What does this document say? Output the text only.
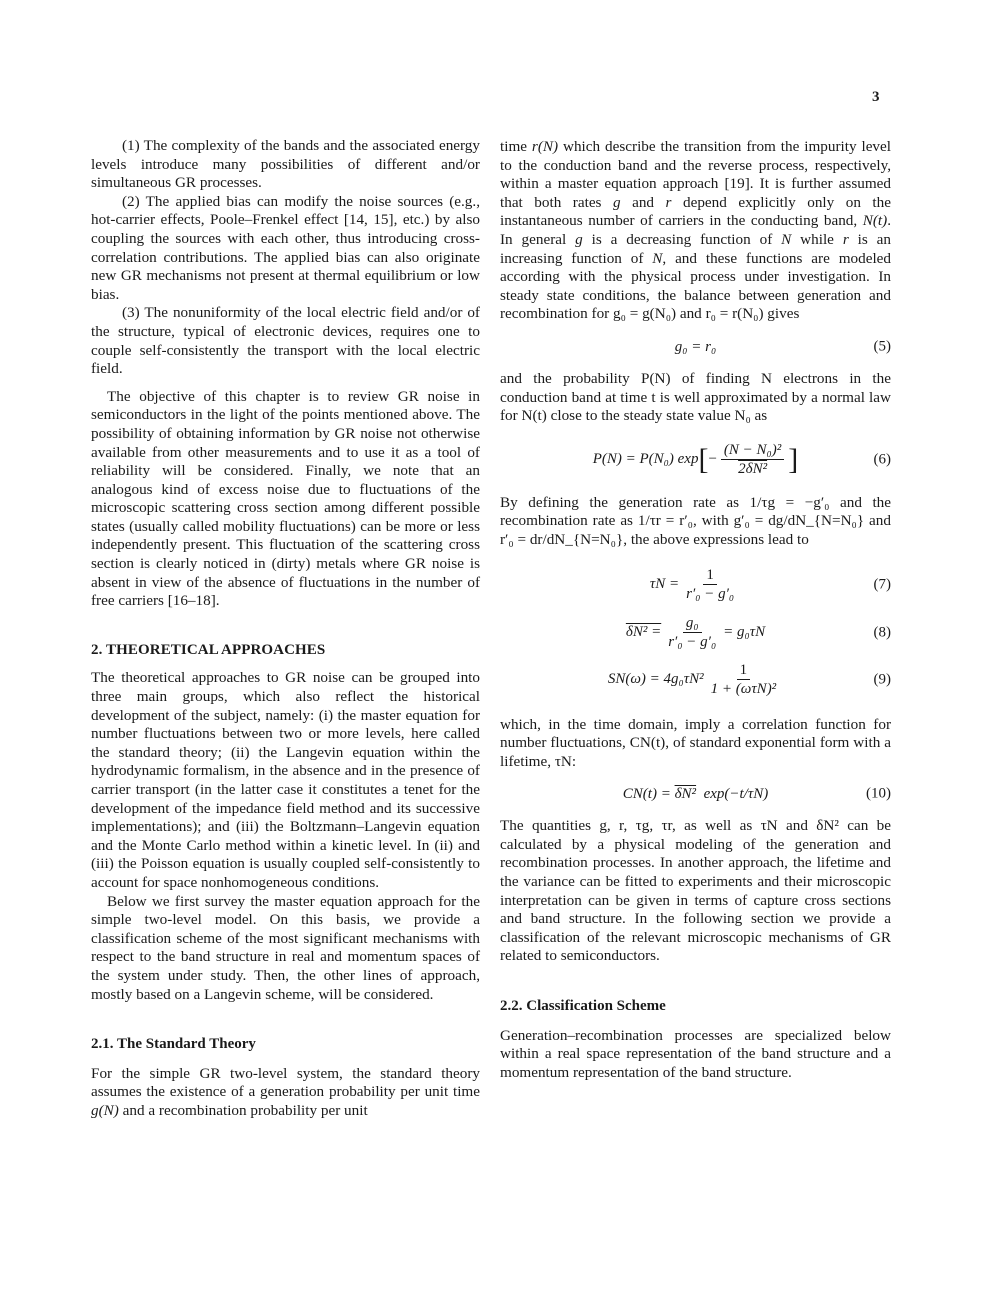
3

(1) The complexity of the bands and the associated energy levels introduce many possibilities of different and/or simultaneous GR processes.

(2) The applied bias can modify the noise sources (e.g., hot-carrier effects, Poole–Frenkel effect [14, 15], etc.) by also coupling the sources with each other, thus introducing cross-correlation contributions. The applied bias can also originate new GR mechanisms not present at thermal equilibrium or low bias.

(3) The nonuniformity of the local electric field and/or of the structure, typical of electronic devices, requires one to couple self-consistently the transport with the local electric field.

The objective of this chapter is to review GR noise in semiconductors in the light of the points mentioned above. The possibility of obtaining information by GR noise not otherwise available from other measurements and to use it as a tool of reliability will be considered. Finally, we note that an analogous kind of excess noise due to fluctuations of the microscopic scattering cross section among different possible states (usually called mobility fluctuations) can be more or less independently present. This fluctuation of the scattering cross section is clearly noticed in (dirty) metals where GR noise is absent in view of the absence of fluctuations in the number of free carriers [16–18].

2. THEORETICAL APPROACHES

The theoretical approaches to GR noise can be grouped into three main groups, which also reflect the historical development of the subject, namely: (i) the master equation for number fluctuations between two or more levels, here called the standard theory; (ii) the Langevin equation within the hydrodynamic formalism, in the absence and in the presence of carrier transport (in the latter case it constitutes a tenet for the development of the impedance field method and its successive implementations); and (iii) the Boltzmann–Langevin equation and the Monte Carlo method within a kinetic level. In (ii) and (iii) the Poisson equation is usually coupled self-consistently to account for space nonhomogeneous conditions.

Below we first survey the master equation approach for the simple two-level model. On this basis, we provide a classification scheme of the most significant mechanisms with respect to the band structure in real and momentum spaces of the system under study. Then, the other lines of approach, mostly based on a Langevin scheme, will be considered.

2.1. The Standard Theory

For the simple GR two-level system, the standard theory assumes the existence of a generation probability per unit time g(N) and a recombination probability per unit

time r(N) which describe the transition from the impurity level to the conduction band and the reverse process, respectively, within a master equation approach [19]. It is further assumed that both rates g and r depend explicitly only on the instantaneous number of carriers in the conducting band, N(t). In general g is a decreasing function of N while r is an increasing function of N, and these functions are modeled according with the physical process under investigation. In steady state conditions, the balance between generation and recombination for g₀ = g(N₀) and r₀ = r(N₀) gives

g₀ = r₀	(5)

and the probability P(N) of finding N electrons in the conduction band at time t is well approximated by a normal law for N(t) close to the steady state value N₀ as

P(N) = P(N₀) exp [ − $\frac{\text{(N − N₀)²}}{\text{2δN²}}$ ]	(6)

By defining the generation rate as 1/τg = −g′₀ and the recombination rate as 1/τr = r′₀, with g′₀ = dg/dN_{N=N₀} and r′₀ = dr/dN_{N=N₀}, the above expressions lead to

$\tau N = \frac{1}{\text{r′₀ − g′₀}}$	(7)
$\delta N^2 = \frac{\text{g₀}}{\text{r′₀ − g′₀}} = g_0\tau N$	(8)
$SN(\omega) = 4g_0\tau N^2 \frac{1}{\text{1 + (ωτN)²}}$	(9)

which, in the time domain, imply a correlation function for number fluctuations, CN(t), of standard exponential form with a lifetime, τN:

CN(t) =
δN²
exp(−t/τN)	(10)

The quantities g, r, τg, τr, as well as τN and δN² can be calculated by a physical modeling of the generation and recombination processes. In another approach, the lifetime and the variance can be fitted to experiments and their microscopic interpretation can be given in terms of capture cross sections and band structure. In the following section we provide a classification of the relevant microscopic mechanisms of GR related to semiconductors.

2.2. Classification Scheme

Generation–recombination processes are specialized below within a real space representation of the band structure and a momentum representation of the band structure.
